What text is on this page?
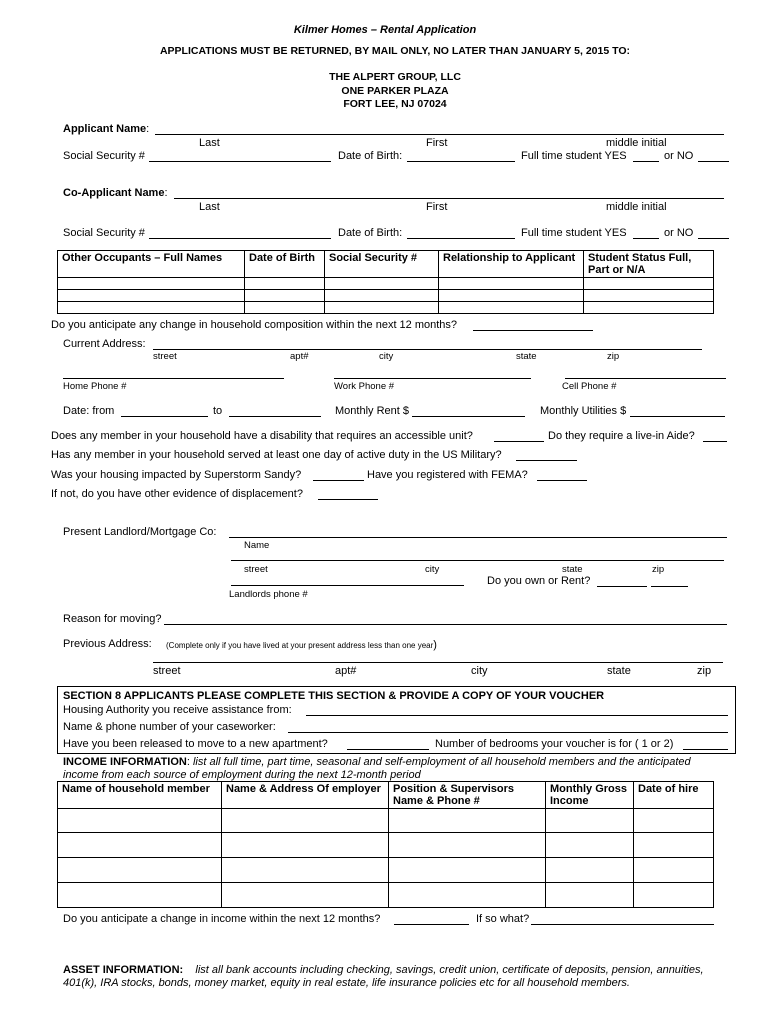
Kilmer Homes – Rental Application
APPLICATIONS MUST BE RETURNED, BY MAIL ONLY, NO LATER THAN JANUARY 5, 2015 TO:
THE ALPERT GROUP, LLC
ONE PARKER PLAZA
FORT LEE, NJ 07024
Applicant Name:
Last	First	middle initial
Social Security #	Date of Birth:	Full time student YES	or NO
Co-Applicant Name:
Last	First	middle initial
Social Security #	Date of Birth:	Full time student YES	or NO
Other Occupants – Full Names	Date of Birth	Social Security #	Relationship to Applicant	Student Status Full, Part or N/A

Do you anticipate any change in household composition within the next 12 months?
Current Address:
street	apt#	city	state	zip
Home Phone #	Work Phone #	Cell Phone #
Date: from	to	Monthly Rent $	Monthly Utilities $
Does any member in your household have a disability that requires an accessible unit?	Do they require a live-in Aide?
Has any member in your household served at least one day of active duty in the US Military?
Was your housing impacted by Superstorm Sandy?	Have you registered with FEMA?
If not, do you have other evidence of displacement?
Present Landlord/Mortgage Co:
Name
street	city	state	zip
Do you own or Rent?
Landlords phone #
Reason for moving?
Previous Address: (Complete only if you have lived at your present address less than one year)
street	apt#	city	state	zip
SECTION 8 APPLICANTS PLEASE COMPLETE THIS SECTION & PROVIDE A COPY OF YOUR VOUCHER
Housing Authority you receive assistance from:
Name & phone number of your caseworker:
Have you been released to move to a new apartment?	Number of bedrooms your voucher is for ( 1 or 2)
INCOME INFORMATION: list all full time, part time, seasonal and self-employment of all household members and the anticipated
income from each source of employment during the next 12-month period
Name of household member	Name & Address Of employer	Position & Supervisors Name & Phone #	Monthly Gross Income	Date of hire

Do you anticipate a change in income within the next 12 months?	If so what?
ASSET INFORMATION: list all bank accounts including checking, savings, credit union, certificate of deposits, pension, annuities,
401(k), IRA stocks, bonds, money market, equity in real estate, life insurance policies etc for all household members.
